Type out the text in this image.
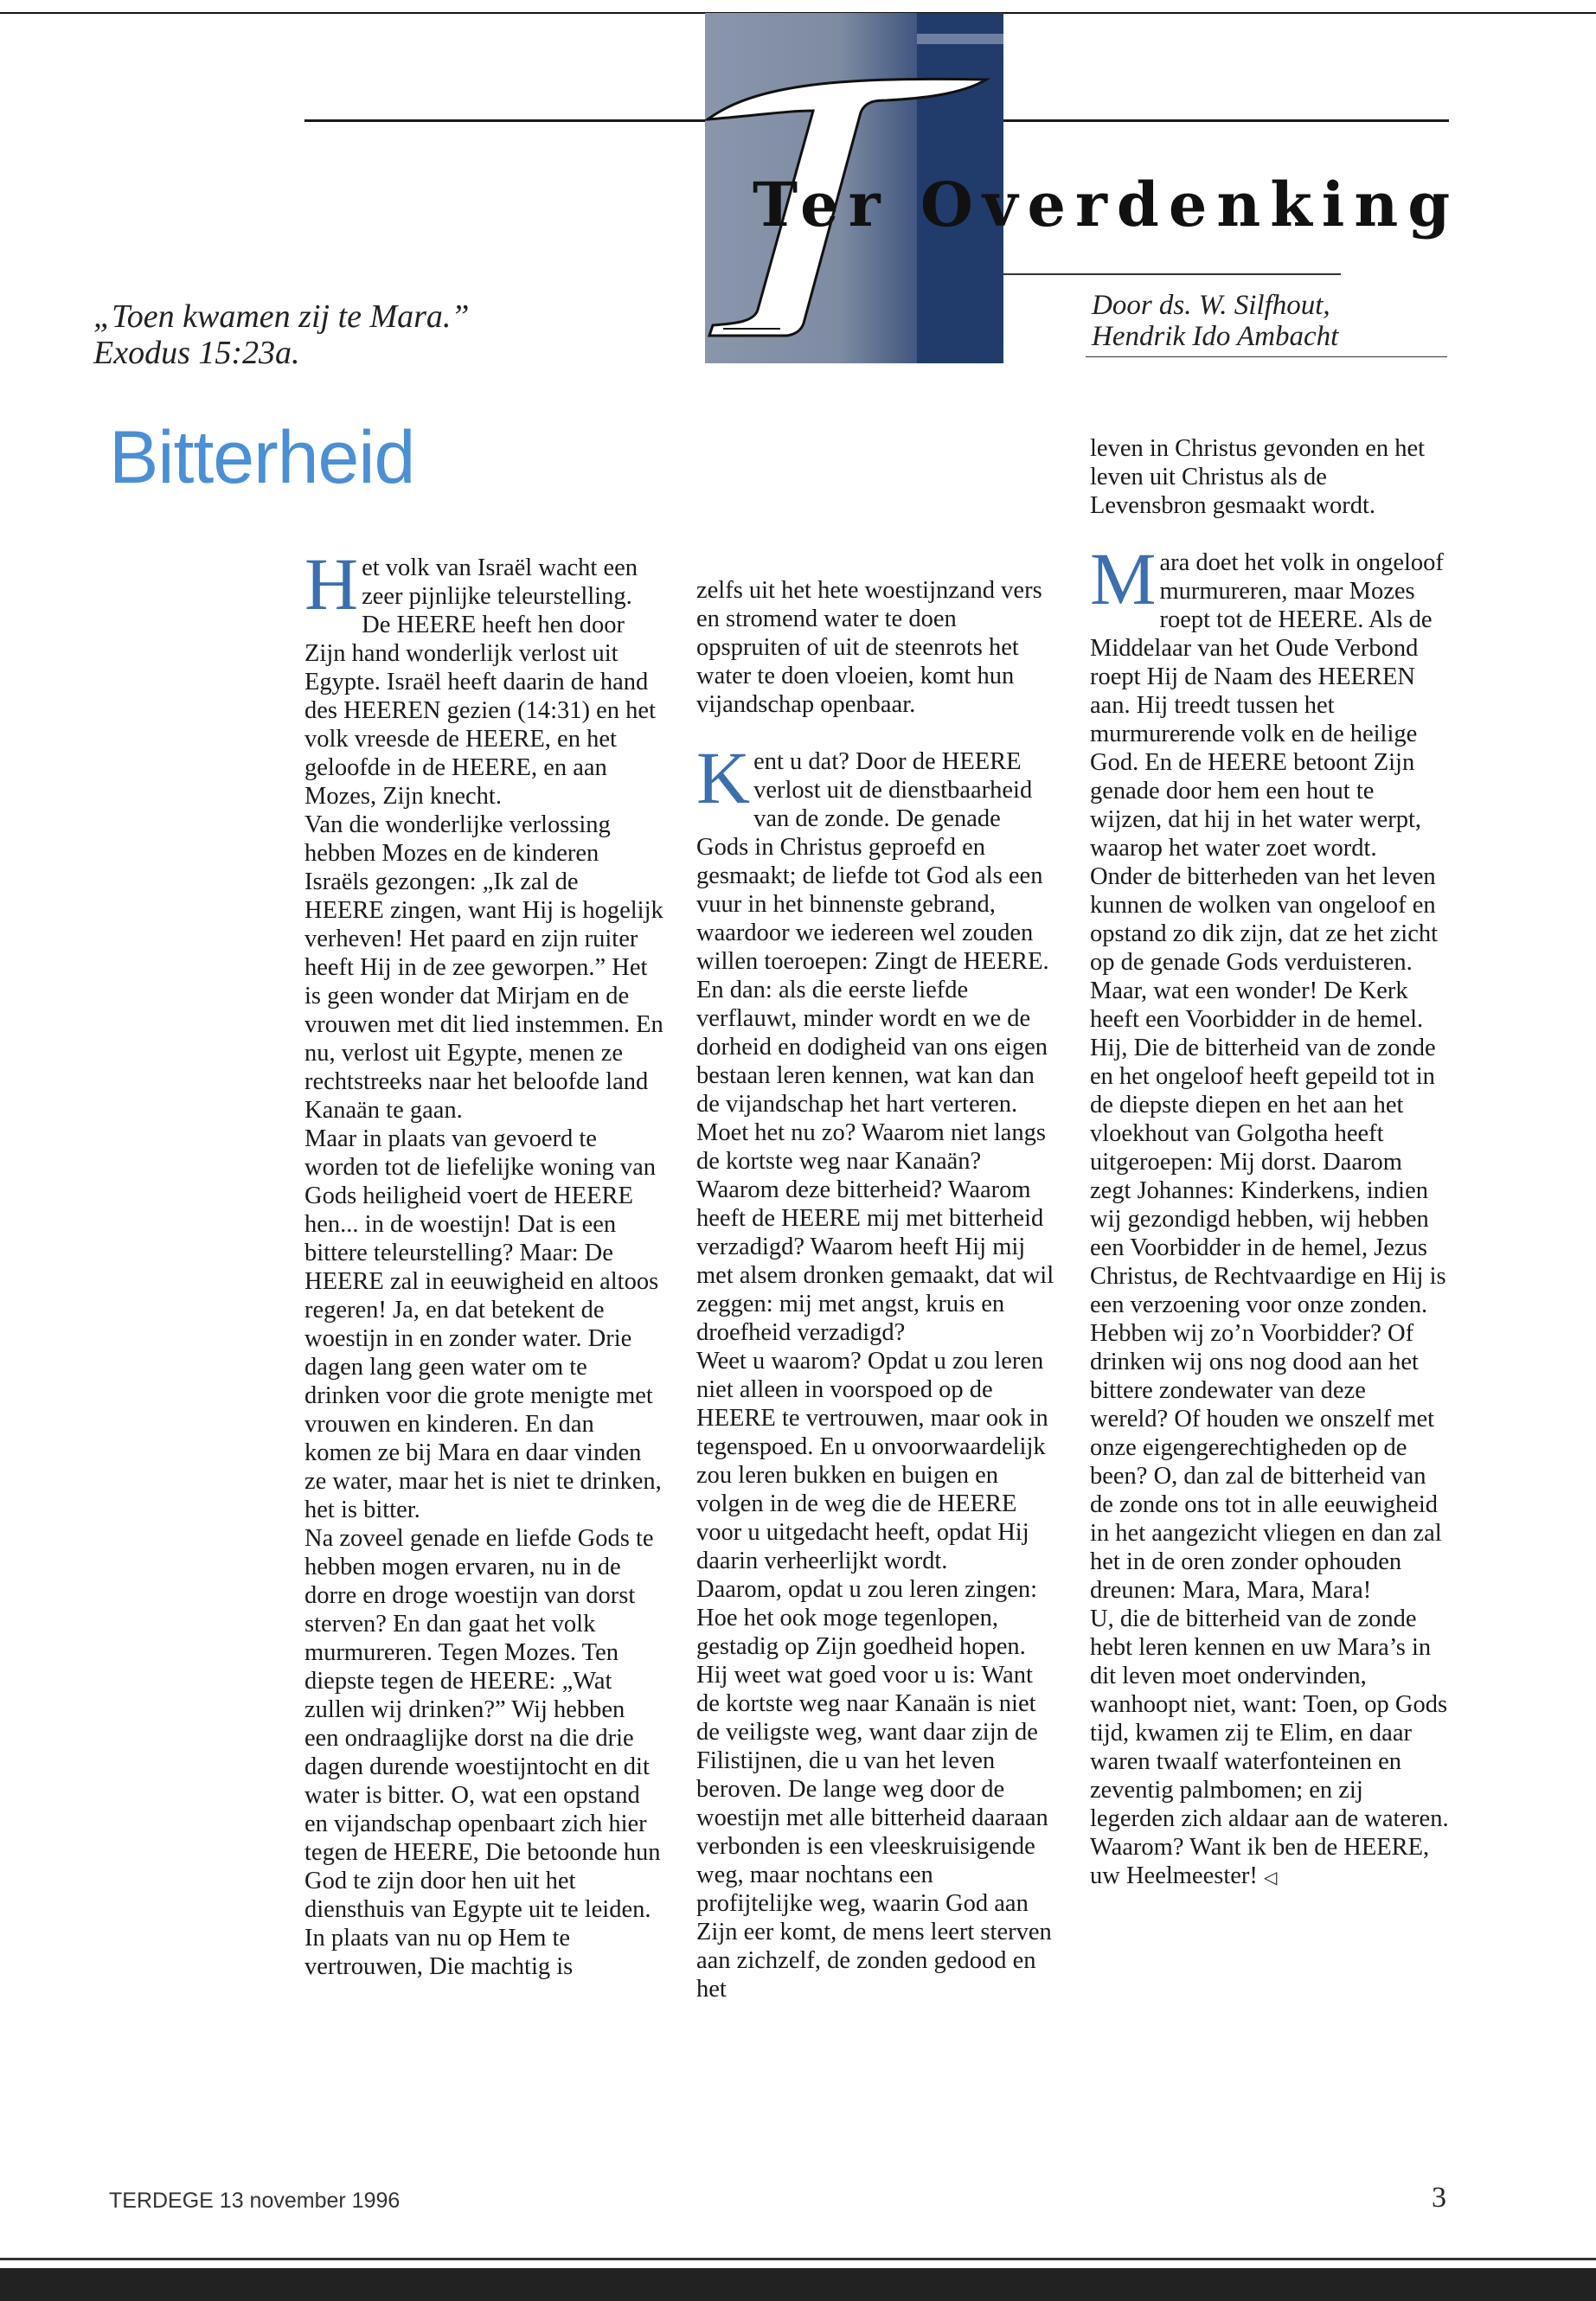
Ter Overdenking
„Toen kwamen zij te Mara.”
Exodus 15:23a.
Door ds. W. Silfhout,
Hendrik Ido Ambacht
Bitterheid

Het volk van Israël wacht een zeer pijnlijke teleurstelling. De HEERE heeft hen door Zijn hand wonderlijk verlost uit Egypte. Israël heeft daarin de hand des HEEREN gezien (14:31) en het volk vreesde de HEERE, en het geloofde in de HEERE, en aan Mozes, Zijn knecht.

Van die wonderlijke verlossing hebben Mozes en de kinderen Israëls gezongen: „Ik zal de HEERE zingen, want Hij is hogelijk verheven! Het paard en zijn ruiter heeft Hij in de zee geworpen.” Het is geen wonder dat Mirjam en de vrouwen met dit lied instemmen. En nu, verlost uit Egypte, menen ze rechtstreeks naar het beloofde land Kanaän te gaan.

Maar in plaats van gevoerd te worden tot de liefelijke woning van Gods heiligheid voert de HEERE hen... in de woestijn! Dat is een bittere teleurstelling? Maar: De HEERE zal in eeuwigheid en altoos regeren! Ja, en dat betekent de woestijn in en zonder water. Drie dagen lang geen water om te drinken voor die grote menigte met vrouwen en kinderen. En dan komen ze bij Mara en daar vinden ze water, maar het is niet te drinken, het is bitter.

Na zoveel genade en liefde Gods te hebben mogen ervaren, nu in de dorre en droge woestijn van dorst sterven? En dan gaat het volk murmureren. Tegen Mozes. Ten diepste tegen de HEERE: „Wat zullen wij drinken?” Wij hebben een ondraaglijke dorst na die drie dagen durende woestijntocht en dit water is bitter. O, wat een opstand en vijandschap openbaart zich hier tegen de HEERE, Die betoonde hun God te zijn door hen uit het diensthuis van Egypte uit te leiden. In plaats van nu op Hem te vertrouwen, Die machtig is

zelfs uit het hete woestijnzand vers en stromend water te doen opspruiten of uit de steenrots het water te doen vloeien, komt hun vijandschap openbaar.

Kent u dat? Door de HEERE verlost uit de dienstbaarheid van de zonde. De genade Gods in Christus geproefd en gesmaakt; de liefde tot God als een vuur in het binnenste gebrand, waardoor we iedereen wel zouden willen toeroepen: Zingt de HEERE. En dan: als die eerste liefde verflauwt, minder wordt en we de dorheid en dodigheid van ons eigen bestaan leren kennen, wat kan dan de vijandschap het hart verteren. Moet het nu zo? Waarom niet langs de kortste weg naar Kanaän? Waarom deze bitterheid? Waarom heeft de HEERE mij met bitterheid verzadigd? Waarom heeft Hij mij met alsem dronken gemaakt, dat wil zeggen: mij met angst, kruis en droefheid verzadigd?

Weet u waarom? Opdat u zou leren niet alleen in voorspoed op de HEERE te vertrouwen, maar ook in tegenspoed. En u onvoorwaardelijk zou leren bukken en buigen en volgen in de weg die de HEERE voor u uitgedacht heeft, opdat Hij daarin verheerlijkt wordt.

Daarom, opdat u zou leren zingen: Hoe het ook moge tegenlopen, gestadig op Zijn goedheid hopen. Hij weet wat goed voor u is: Want de kortste weg naar Kanaän is niet de veiligste weg, want daar zijn de Filistijnen, die u van het leven beroven. De lange weg door de woestijn met alle bitterheid daaraan verbonden is een vleeskruisigende weg, maar nochtans een profijtelijke weg, waarin God aan Zijn eer komt, de mens leert sterven aan zichzelf, de zonden gedood en het

leven in Christus gevonden en het leven uit Christus als de Levensbron gesmaakt wordt.

Mara doet het volk in ongeloof murmureren, maar Mozes roept tot de HEERE. Als de Middelaar van het Oude Verbond roept Hij de Naam des HEEREN aan. Hij treedt tussen het murmurerende volk en de heilige God. En de HEERE betoont Zijn genade door hem een hout te wijzen, dat hij in het water werpt, waarop het water zoet wordt.

Onder de bitterheden van het leven kunnen de wolken van ongeloof en opstand zo dik zijn, dat ze het zicht op de genade Gods verduisteren.

Maar, wat een wonder! De Kerk heeft een Voorbidder in de hemel. Hij, Die de bitterheid van de zonde en het ongeloof heeft gepeild tot in de diepste diepen en het aan het vloekhout van Golgotha heeft uitgeroepen: Mij dorst. Daarom zegt Johannes: Kinderkens, indien wij gezondigd hebben, wij hebben een Voorbidder in de hemel, Jezus Christus, de Rechtvaardige en Hij is een verzoening voor onze zonden. Hebben wij zo’n Voorbidder? Of drinken wij ons nog dood aan het bittere zondewater van deze wereld? Of houden we onszelf met onze eigengerechtigheden op de been? O, dan zal de bitterheid van de zonde ons tot in alle eeuwigheid in het aangezicht vliegen en dan zal het in de oren zonder ophouden dreunen: Mara, Mara, Mara!

U, die de bitterheid van de zonde hebt leren kennen en uw Mara’s in dit leven moet ondervinden, wanhoopt niet, want: Toen, op Gods tijd, kwamen zij te Elim, en daar waren twaalf waterfonteinen en zeventig palmbomen; en zij legerden zich aldaar aan de wateren. Waarom? Want ik ben de HEERE, uw Heelmeester! ◁

TERDEGE 13 november 1996	3
